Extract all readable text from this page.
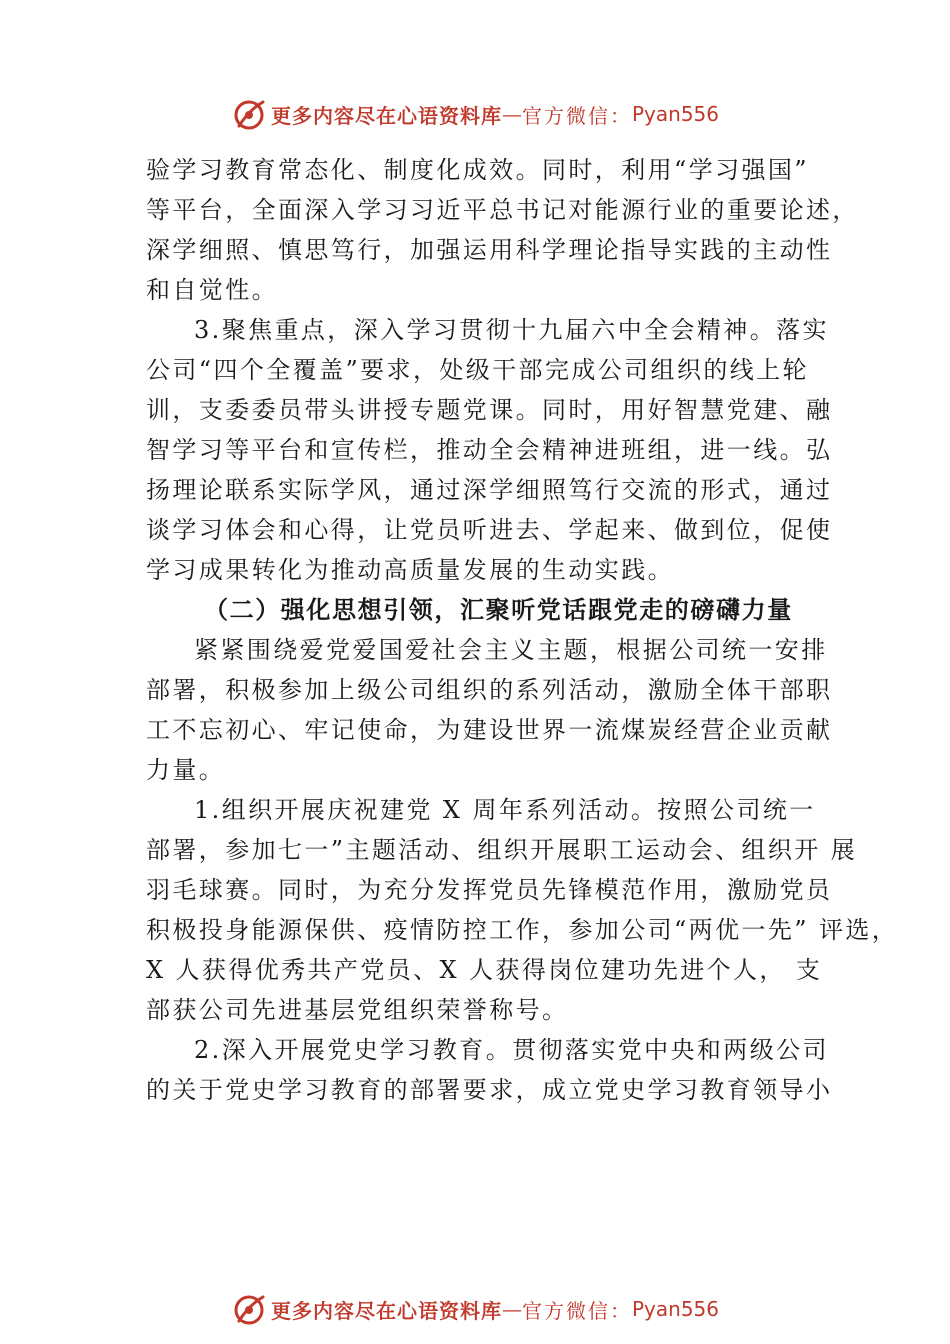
更多内容尽在心语资料库 — 官方微信： Pyan556

验学习教育常态化、制度化成效。同时，利用“学习强国”

等平台，全面深入学习习近平总书记对能源行业的重要论述，

深学细照、慎思笃行，加强运用科学理论指导实践的主动性

和自觉性。

3.聚焦重点，深入学习贯彻十九届六中全会精神。落实

公司“四个全覆盖”要求，处级干部完成公司组织的线上轮

训，支委委员带头讲授专题党课。同时，用好智慧党建、融

智学习等平台和宣传栏，推动全会精神进班组，进一线。弘

扬理论联系实际学风，通过深学细照笃行交流的形式，通过

谈学习体会和心得，让党员听进去、学起来、做到位，促使

学习成果转化为推动高质量发展的生动实践。

（二）强化思想引领，汇聚听党话跟党走的磅礴力量

紧紧围绕爱党爱国爱社会主义主题，根据公司统一安排

部署，积极参加上级公司组织的系列活动，激励全体干部职

工不忘初心、牢记使命，为建设世界一流煤炭经营企业贡献

力量。

1.组织开展庆祝建党 X 周年系列活动。按照公司统一

部署，参加七一”主题活动、组织开展职工运动会、组织开 展

羽毛球赛。同时，为充分发挥党员先锋模范作用，激励党员

积极投身能源保供、疫情防控工作，参加公司“两优一先” 评选，

X 人获得优秀共产党员、X 人获得岗位建功先进个人， 支

部获公司先进基层党组织荣誉称号。

2.深入开展党史学习教育。贯彻落实党中央和两级公司

的关于党史学习教育的部署要求，成立党史学习教育领导小

更多内容尽在心语资料库 — 官方微信： Pyan556
